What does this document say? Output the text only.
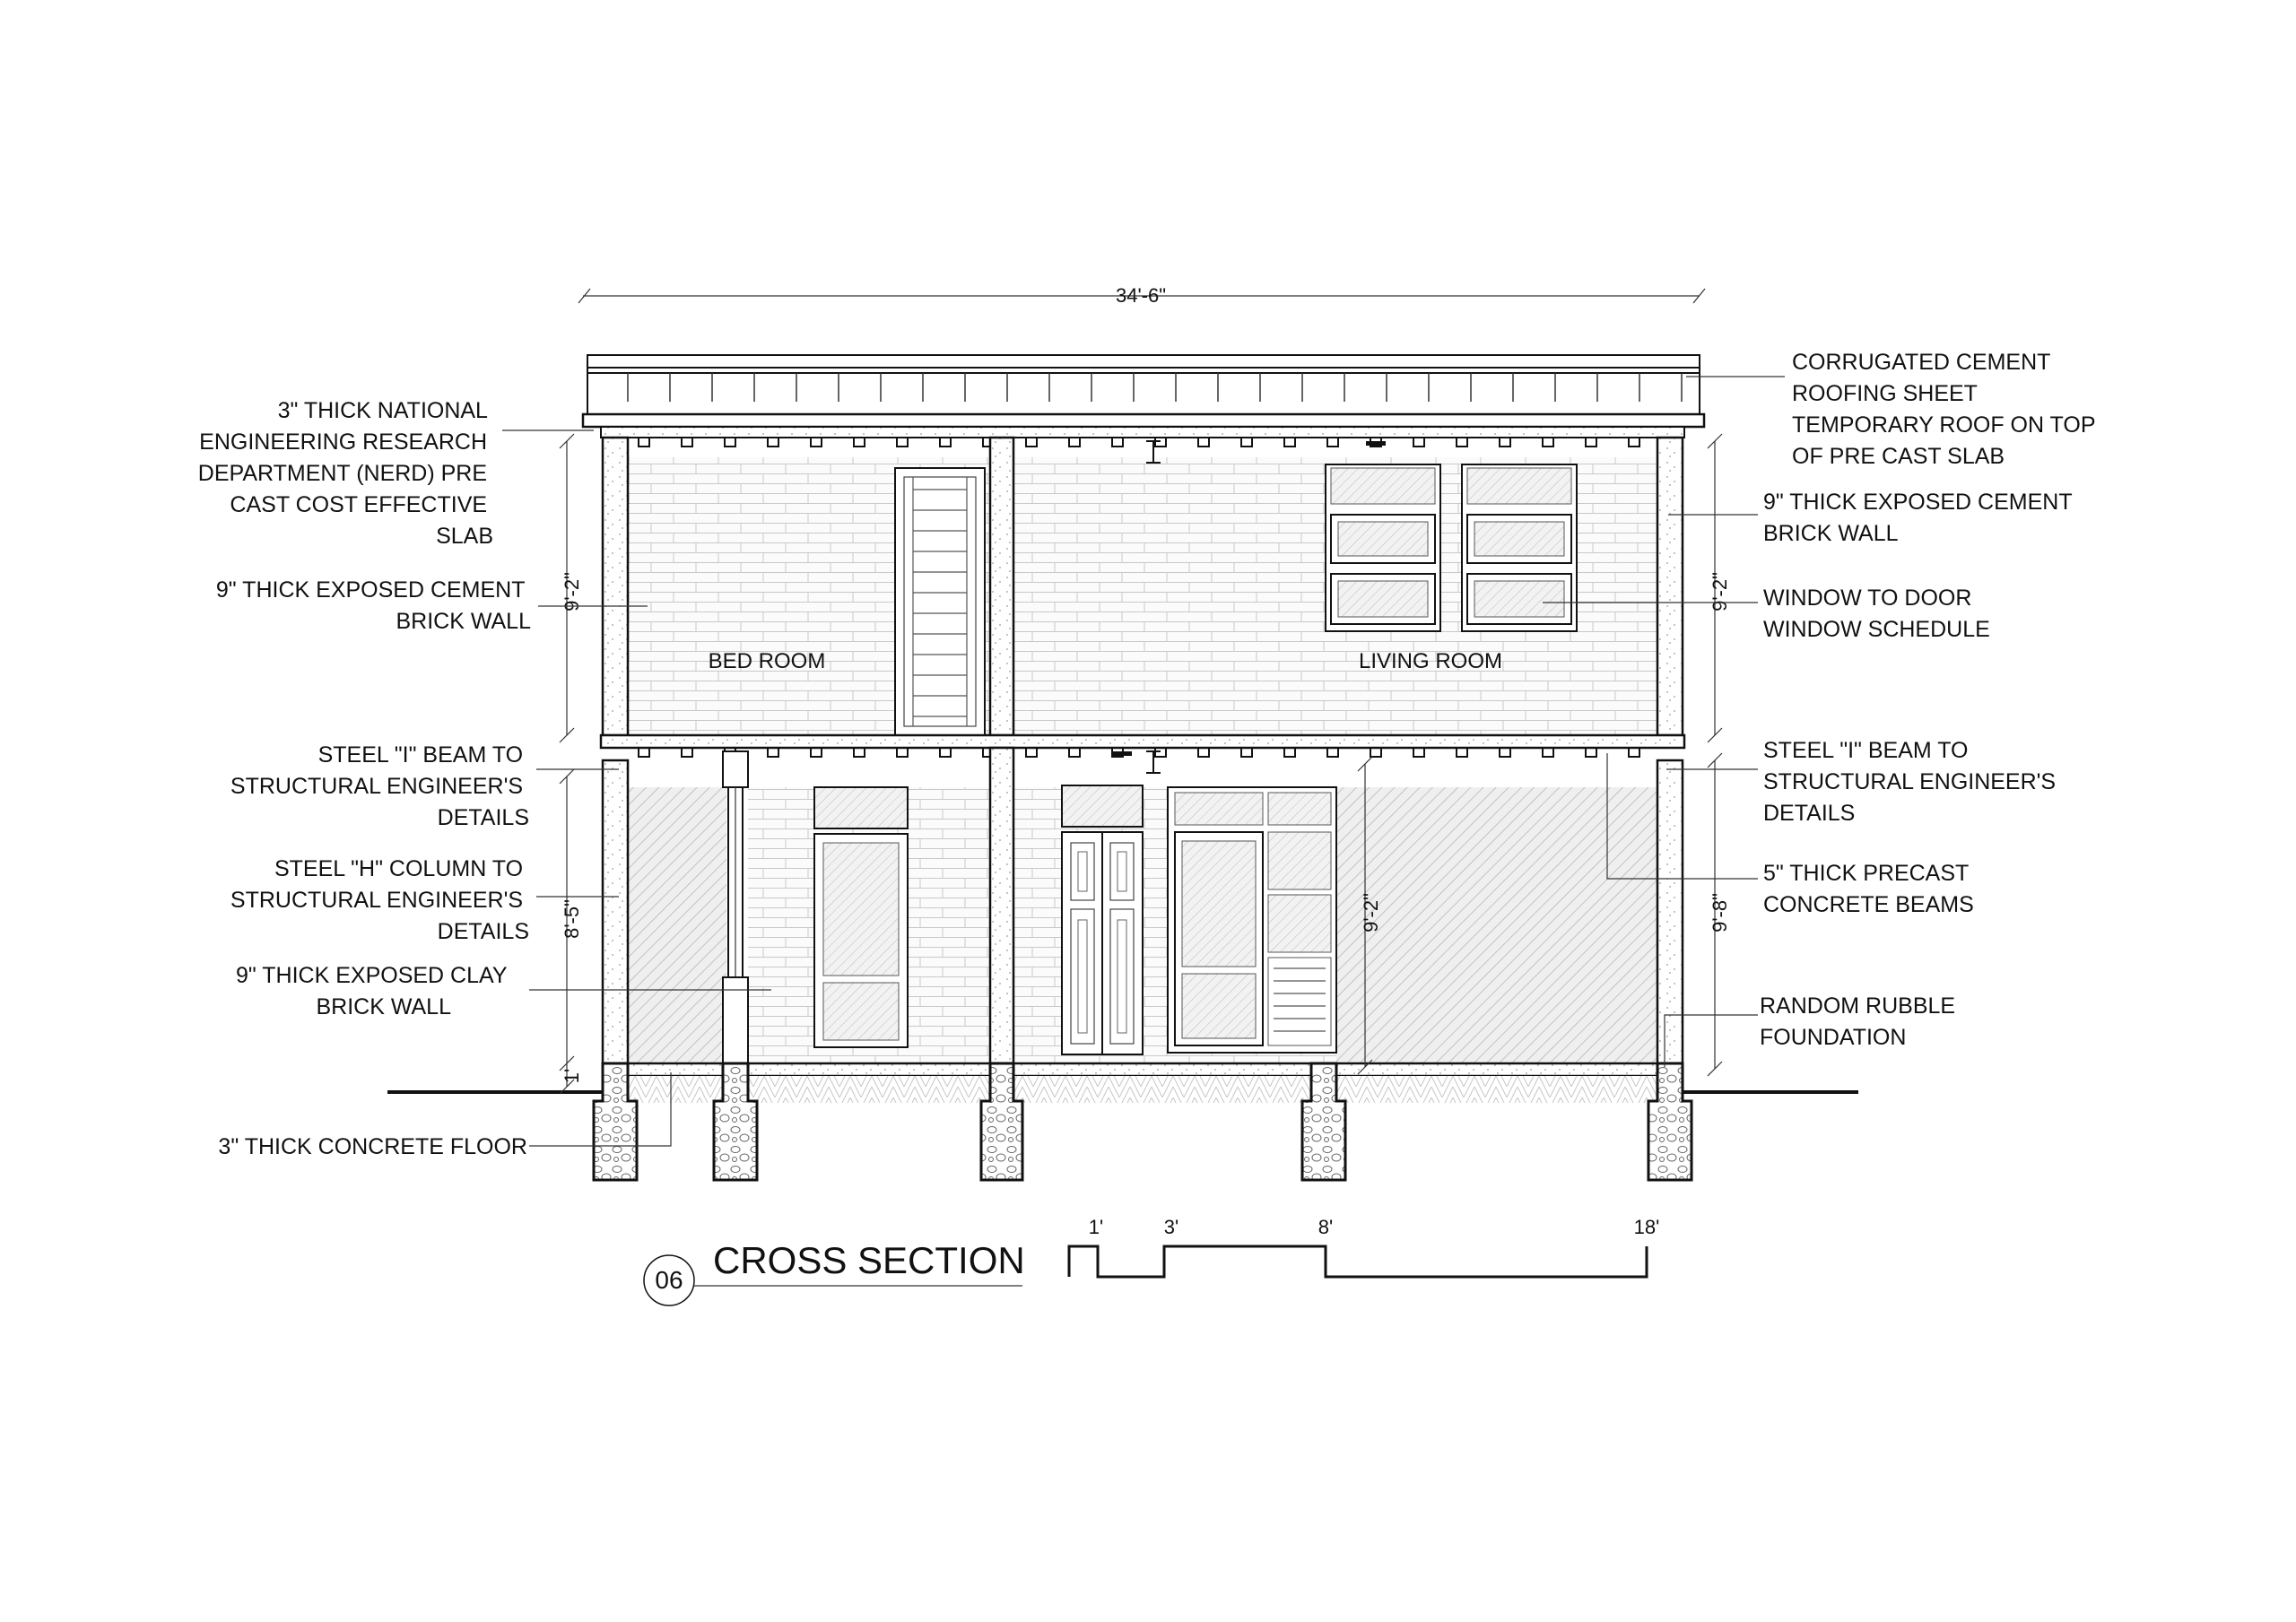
34'-6"
BED ROOM	LIVING ROOM
9'-2"	9'-2"
8'-5"
1'
9'-8"
9'-2"
3" THICK NATIONAL ENGINEERING RESEARCH DEPARTMENT (NERD) PRE CAST COST EFFECTIVE SLAB
9" THICK EXPOSED CEMENT BRICK WALL
STEEL "I" BEAM TO STRUCTURAL ENGINEER'S DETAILS
STEEL "H" COLUMN TO STRUCTURAL ENGINEER'S DETAILS
9" THICK EXPOSED CLAY BRICK WALL
3" THICK CONCRETE FLOOR
CORRUGATED CEMENT ROOFING SHEET TEMPORARY ROOF ON TOP OF PRE CAST SLAB
9" THICK EXPOSED CEMENT BRICK WALL
WINDOW TO DOOR WINDOW SCHEDULE
STEEL "I" BEAM TO STRUCTURAL ENGINEER'S DETAILS
5" THICK PRECAST CONCRETE BEAMS
RANDOM RUBBLE FOUNDATION
06 CROSS SECTION
1'	3'	8'	18'
